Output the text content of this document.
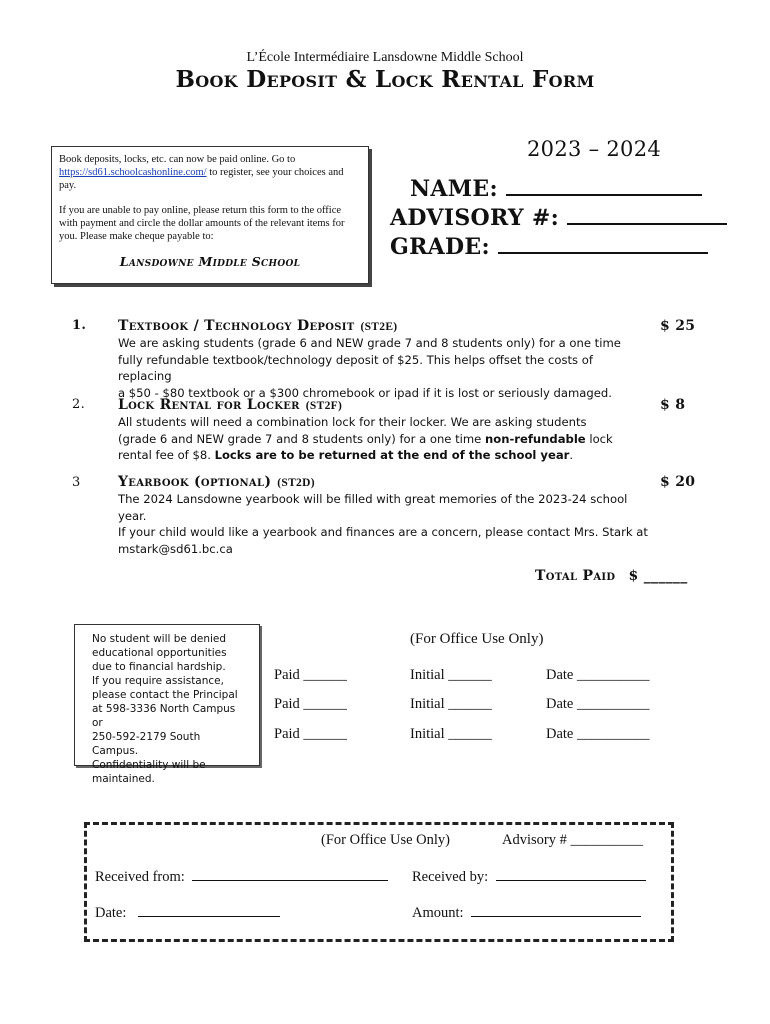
L’École Intermédiaire Lansdowne Middle School
Book Deposit & Lock Rental Form

Book deposits, locks, etc. can now be paid online. Go to https://sd61.schoolcashonline.com/ to register, see your choices and pay.

If you are unable to pay online, please return this form to the office with payment and circle the dollar amounts of the relevant items for you. Please make cheque payable to:

Lansdowne Middle School
2023 – 2024
NAME:
ADVISORY #:
GRADE:
1. Textbook / Technology Deposit (ST2E)	$ 25
We are asking students (grade 6 and NEW grade 7 and 8 students only) for a one time
fully refundable textbook/technology deposit of $25. This helps offset the costs of replacing
a $50 - $80 textbook or a $300 chromebook or ipad if it is lost or seriously damaged.
2. Lock Rental for Locker (ST2F)	$ 8
All students will need a combination lock for their locker. We are asking students
(grade 6 and NEW grade 7 and 8 students only) for a one time non-refundable lock
rental fee of $8. Locks are to be returned at the end of the school year.
3	Yearbook (optional) (ST2D)	$ 20
The 2024 Lansdowne yearbook will be filled with great memories of the 2023-24 school year.
If your child would like a yearbook and finances are a concern, please contact Mrs. Stark at
mstark@sd61.bc.ca
Total Paid $ ______
No student will be denied
educational opportunities
due to financial hardship.
If you require assistance,
please contact the Principal
at 598-3336 North Campus or
250-592-2179 South Campus.
Confidentiality will be
maintained.
(For Office Use Only)
Paid ______	Initial ______	Date __________
Paid ______	Initial ______	Date __________
Paid ______	Initial ______	Date __________
(For Office Use Only)	Advisory # __________
Received from:	Received by:
Date:	Amount:
